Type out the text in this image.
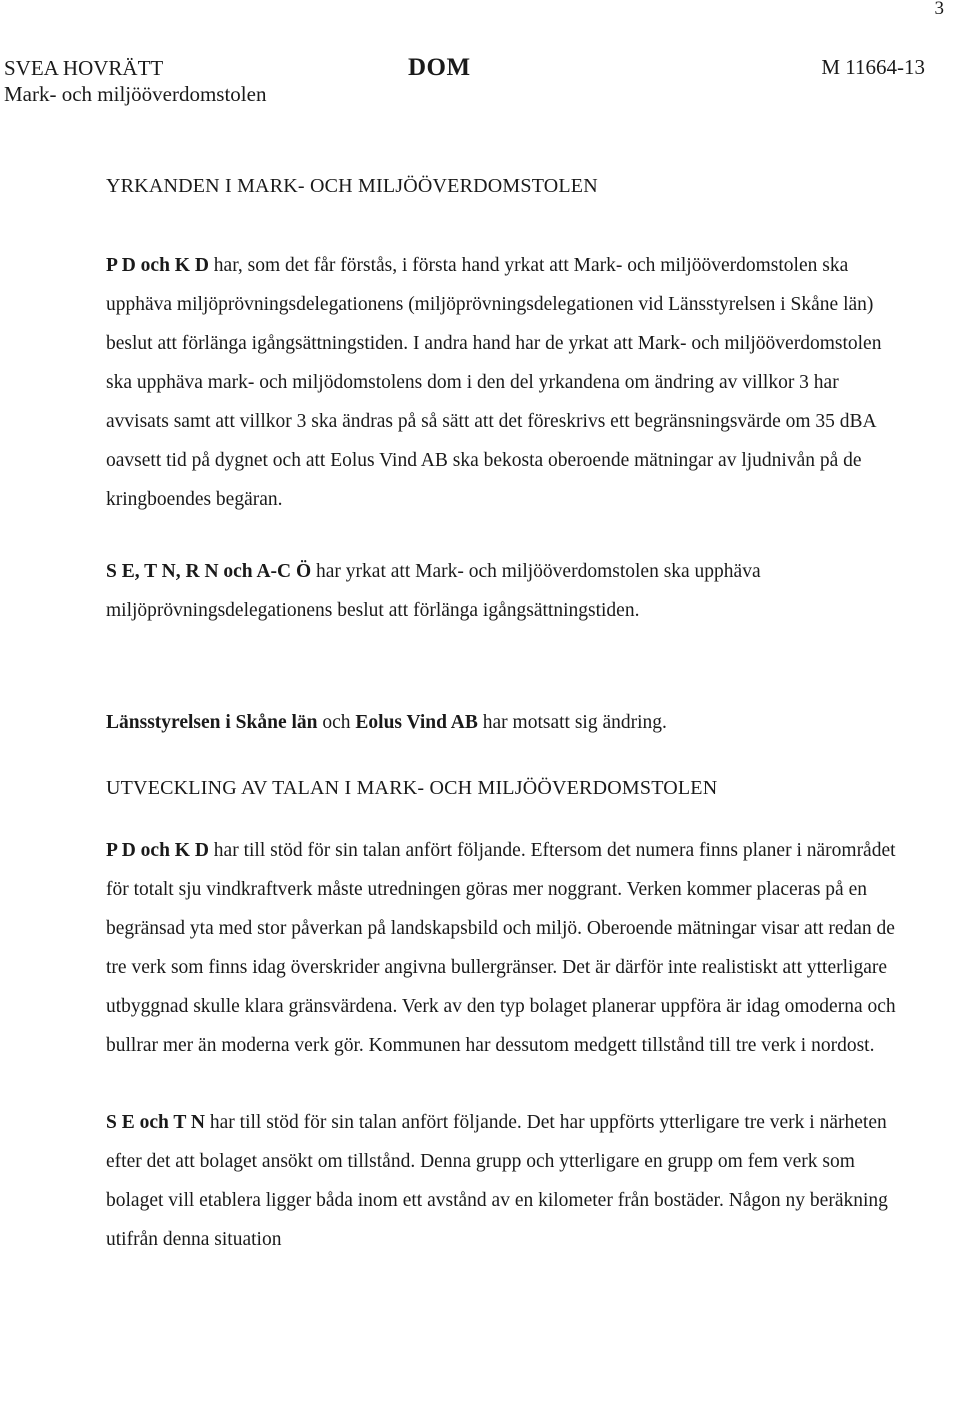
3
SVEA HOVRÄTT
Mark- och miljööverdomstolen
DOM	M 11664-13
YRKANDEN I MARK- OCH MILJÖÖVERDOMSTOLEN

P D och K D har, som det får förstås, i första hand yrkat att Mark- och miljööverdomstolen ska upphäva miljöprövningsdelegationens (miljöprövningsdelegationen vid Länsstyrelsen i Skåne län) beslut att förlänga igångsättningstiden. I andra hand har de yrkat att Mark- och miljööverdomstolen ska upphäva mark- och miljödomstolens dom i den del yrkandena om ändring av villkor 3 har avvisats samt att villkor 3 ska ändras på så sätt att det föreskrivs ett begränsningsvärde om 35 dBA oavsett tid på dygnet och att Eolus Vind AB ska bekosta oberoende mätningar av ljudnivån på de kringboendes begäran.

S E, T N, R N och A-C Ö har yrkat att Mark- och miljööverdomstolen ska upphäva miljöprövningsdelegationens beslut att förlänga igångsättningstiden.

Länsstyrelsen i Skåne län och Eolus Vind AB har motsatt sig ändring.

UTVECKLING AV TALAN I MARK- OCH MILJÖÖVERDOMSTOLEN

P D och K D har till stöd för sin talan anfört följande. Eftersom det numera finns planer i närområdet för totalt sju vindkraftverk måste utredningen göras mer noggrant. Verken kommer placeras på en begränsad yta med stor påverkan på landskapsbild och miljö. Oberoende mätningar visar att redan de tre verk som finns idag överskrider angivna bullergränser. Det är därför inte realistiskt att ytterligare utbyggnad skulle klara gränsvärdena. Verk av den typ bolaget planerar uppföra är idag omoderna och bullrar mer än moderna verk gör. Kommunen har dessutom medgett tillstånd till tre verk i nordost.

S E och T N har till stöd för sin talan anfört följande. Det har uppförts ytterligare tre verk i närheten efter det att bolaget ansökt om tillstånd. Denna grupp och ytterligare en grupp om fem verk som bolaget vill etablera ligger båda inom ett avstånd av en kilometer från bostäder. Någon ny beräkning utifrån denna situation
